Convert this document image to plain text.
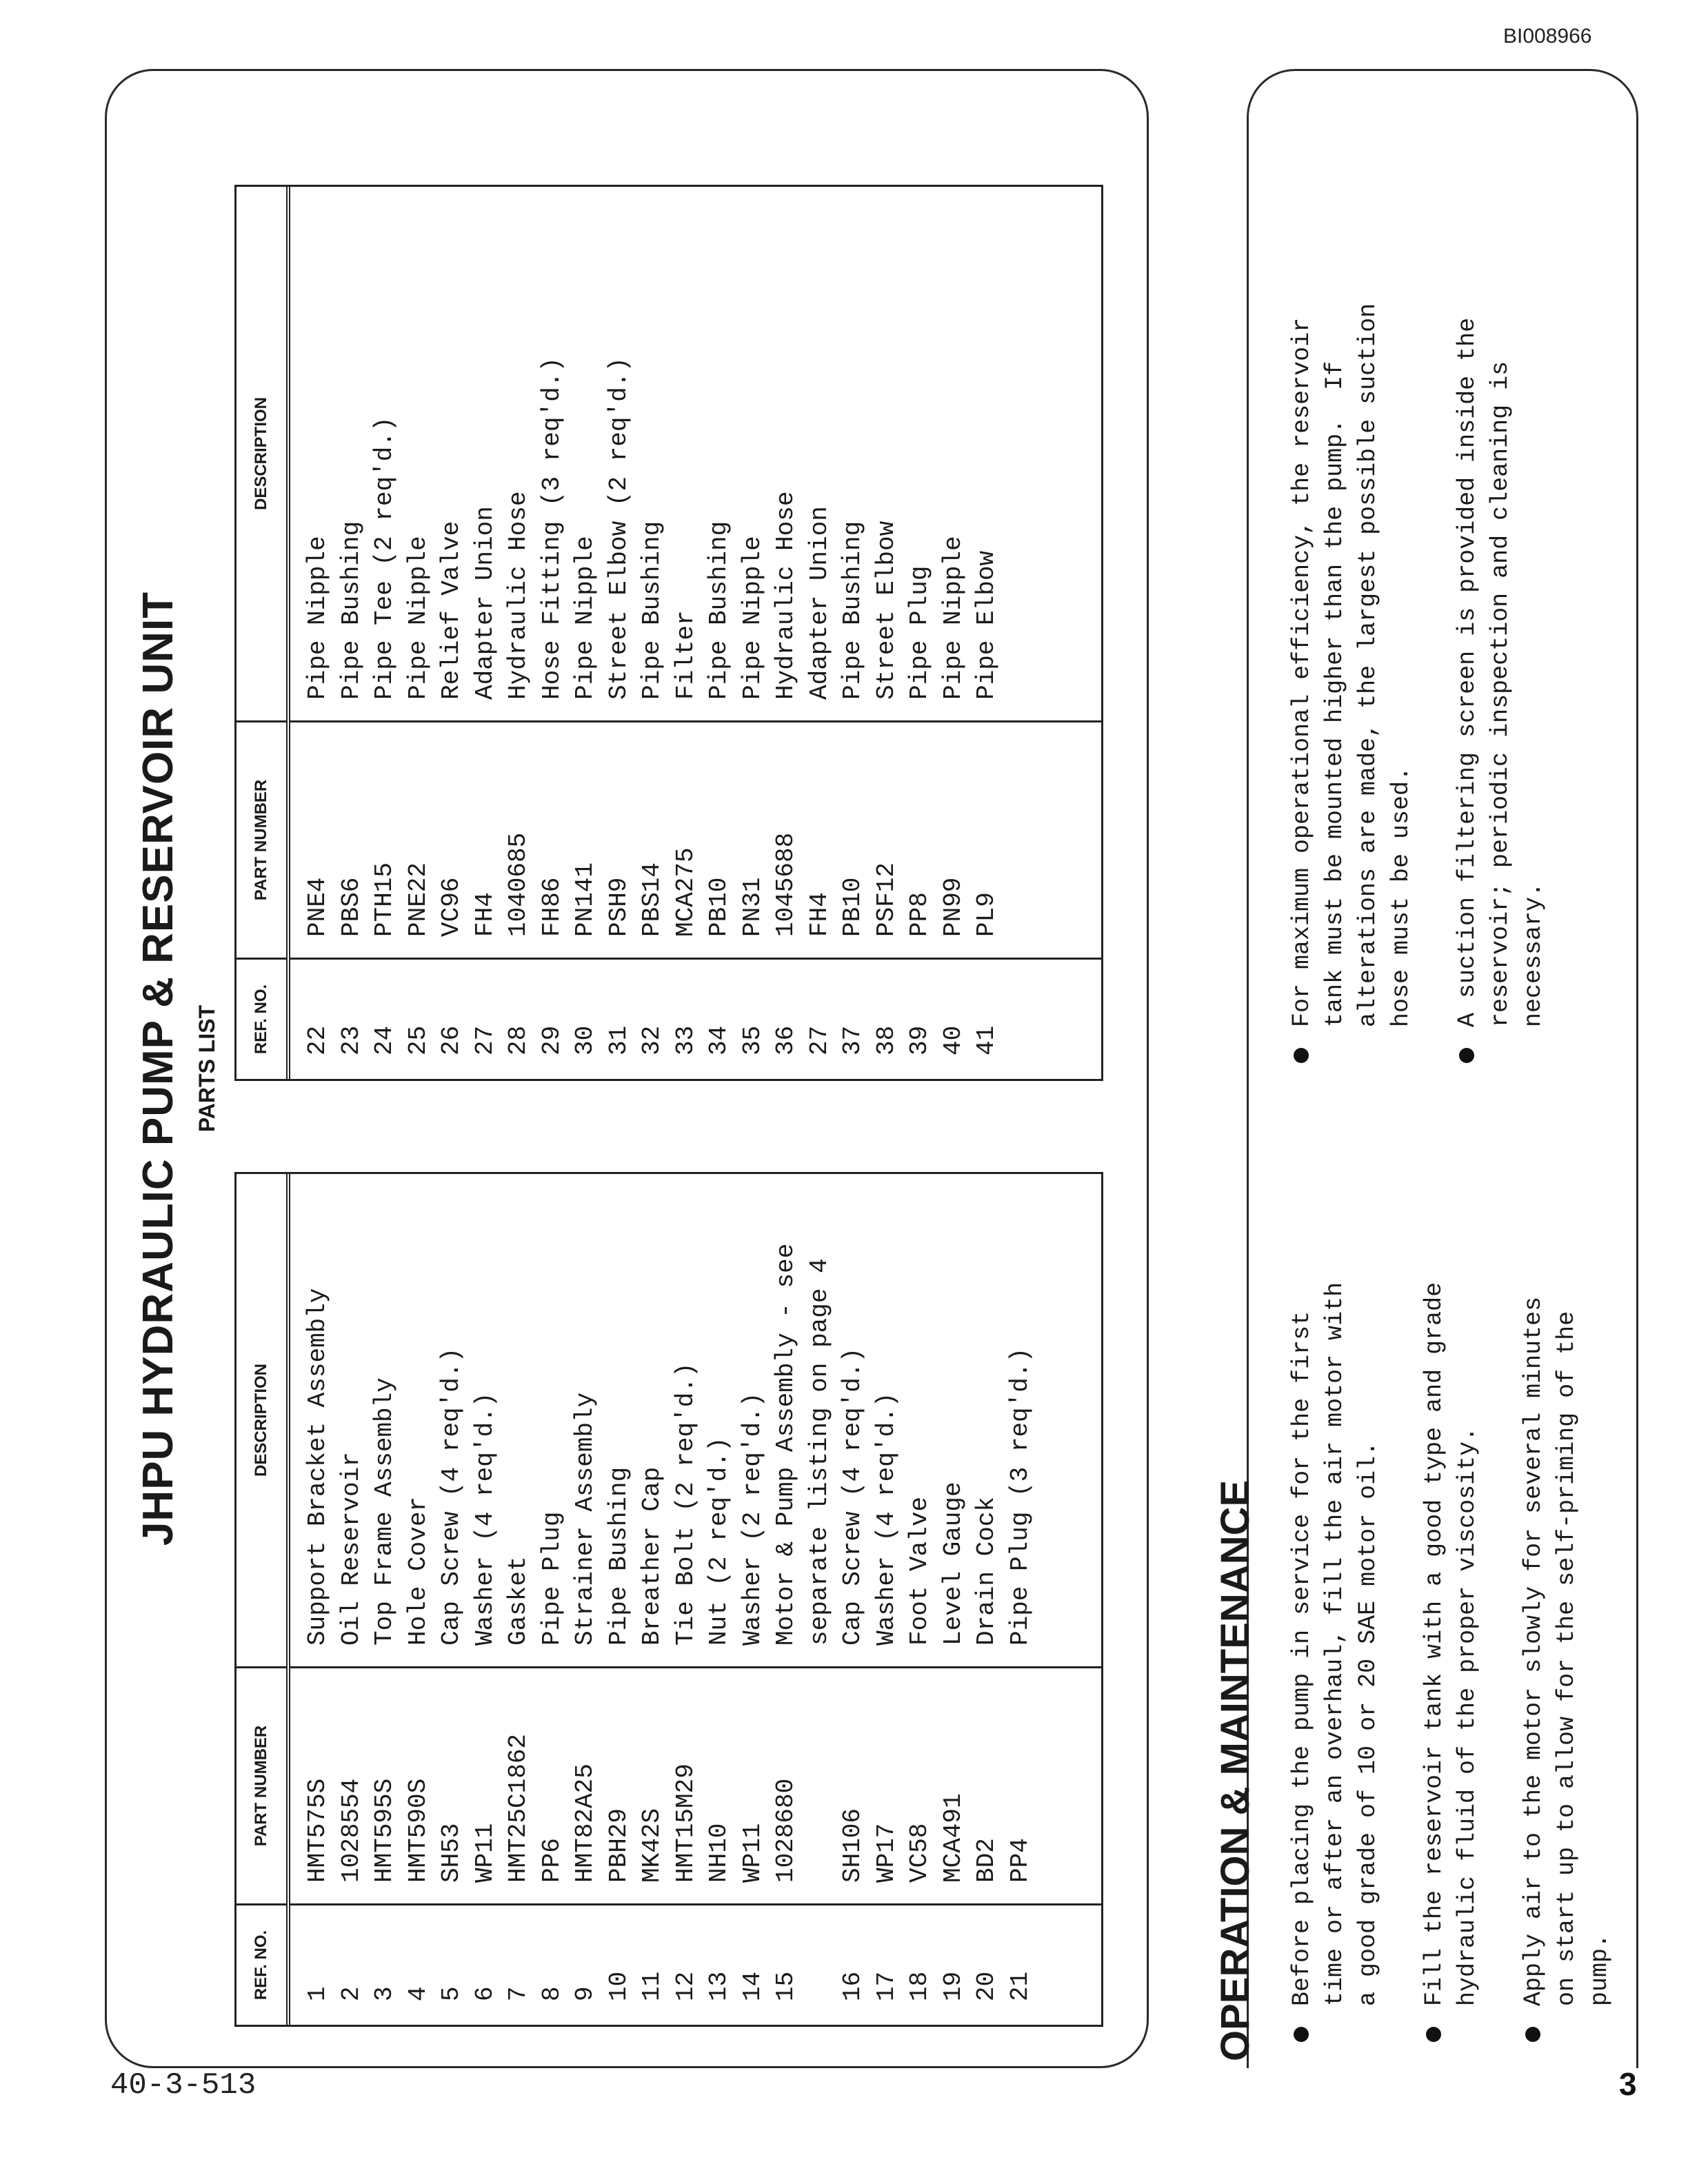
BI008966
JHPU HYDRAULIC PUMP & RESERVOIR UNIT PARTS LIST
REF. NO.
PART NUMBER
DESCRIPTION
1 2 3 4 5 6 7 8 9 10 11 12 13 14 15 16 17 18 19 20 21
HMT575S 1028554 HMT595S HMT590S SH53 WP11 HMT25C1862 PP6 HMT82A25 PBH29 MK42S HMT15M29 NH10 WP11 1028680 SH106 WP17 VC58 MCA491 BD2 PP4
Support Bracket Assembly Oil Reservoir Top Frame Assembly Hole Cover Cap Screw (4 req'd.) Washer (4 req'd.) Gasket Pipe Plug Strainer Assembly Pipe Bushing Breather Cap Tie Bolt (2 req'd.) Nut (2 req'd.) Washer (2 req'd.) Motor & Pump Assembly - see separate listing on page 4 Cap Screw (4 req'd.) Washer (4 req'd.) Foot Valve Level Gauge Drain Cock Pipe Plug (3 req'd.)
REF. NO.
PART NUMBER
DESCRIPTION
22 23 24 25 26 27 28 29 30 31 32 33 34 35 36 27 37 38 39 40 41
PNE4 PBS6 PTH15 PNE22 VC96 FH4 1040685 FH86 PN141 PSH9 PBS14 MCA275 PB10 PN31 1045688 FH4 PB10 PSF12 PP8 PN99 PL9
Pipe Nipple Pipe Bushing Pipe Tee (2 req'd.) Pipe Nipple Relief Valve Adapter Union Hydraulic Hose Hose Fitting (3 req'd.) Pipe Nipple Street Elbow (2 req'd.) Pipe Bushing Filter Pipe Bushing Pipe Nipple Hydraulic Hose Adapter Union Pipe Bushing Street Elbow Pipe Plug Pipe Nipple Pipe Elbow
OPERATION & MAINTENANCE Before placing the pump in service for the first
time or after an overhaul, fill the air motor with
a good grade of 10 or 20 SAE motor oil.
Fill the reservoir tank with a good type and grade
hydraulic fluid of the proper viscosity.
Apply air to the motor slowly for several minutes
on start up to allow for the self-priming of the
pump.
For maximum operational efficiency, the reservoir
tank must be mounted higher than the pump.  If
alterations are made, the largest possible suction
hose must be used.
A suction filtering screen is provided inside the
reservoir; periodic inspection and cleaning is
necessary.
40-3-513	3
